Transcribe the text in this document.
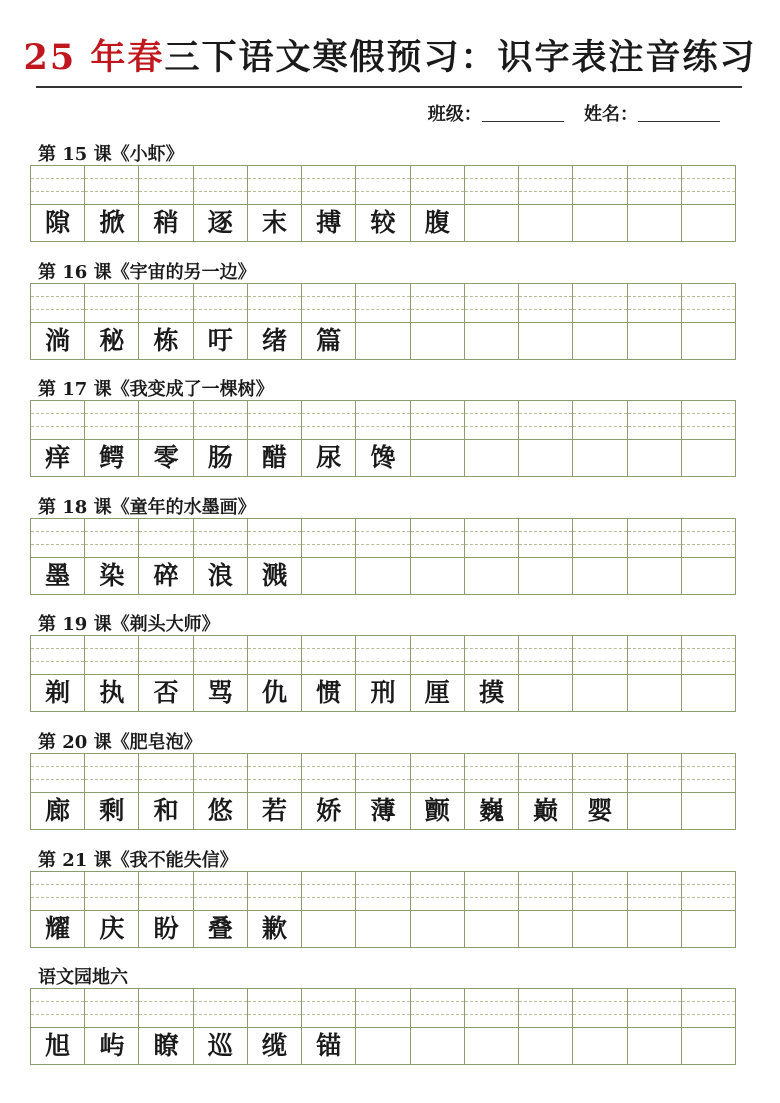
25 年春三下语文寒假预习：识字表注音练习
班级：	姓名：
第 15 课《小虾》
隙	掀	稍	逐	末	搏	较	腹
第 16 课《宇宙的另一边》
淌	秘	栋	吁	绪	篇
第 17 课《我变成了一棵树》
痒	鳄	零	肠	醋	尿	馋
第 18 课《童年的水墨画》
墨	染	碎	浪	溅
第 19 课《剃头大师》
剃	执	否	骂	仇	惯	刑	厘	摸
第 20 课《肥皂泡》
廊	剩	和	悠	若	娇	薄	颤	巍	巅	婴
第 21 课《我不能失信》
耀	庆	盼	叠	歉
语文园地六
旭	屿	瞭	巡	缆	锚
